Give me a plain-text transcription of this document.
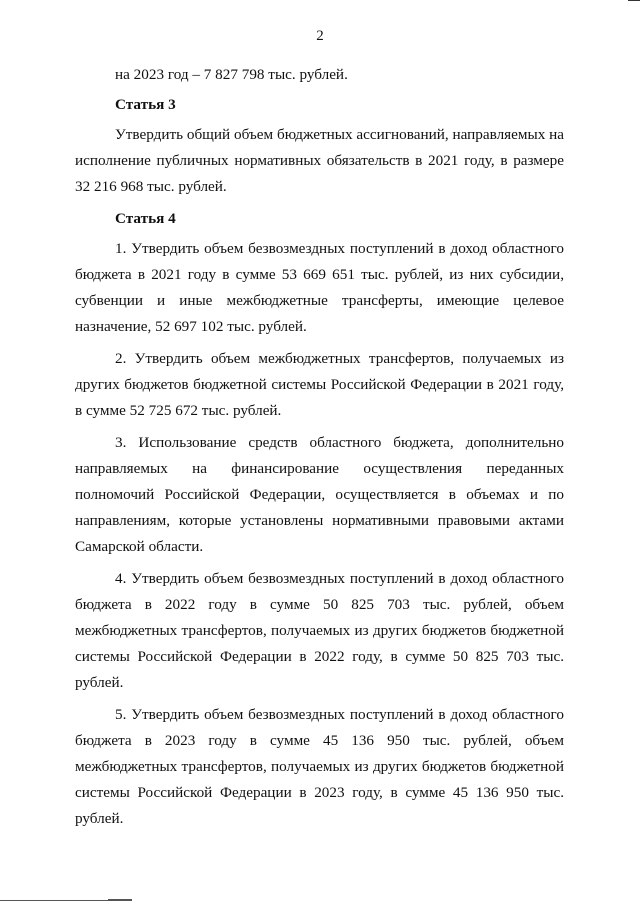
2

на 2023 год – 7 827 798 тыс. рублей.

Статья 3

Утвердить общий объем бюджетных ассигнований, направляемых на исполнение публичных нормативных обязательств в 2021 году, в размере 32 216 968 тыс. рублей.

Статья 4

1. Утвердить объем безвозмездных поступлений в доход областного бюджета в 2021 году в сумме 53 669 651 тыс. рублей, из них субсидии, субвенции и иные межбюджетные трансферты, имеющие целевое назначение, 52 697 102 тыс. рублей.

2. Утвердить объем межбюджетных трансфертов, получаемых из других бюджетов бюджетной системы Российской Федерации в 2021 году, в сумме 52 725 672 тыс. рублей.

3. Использование средств областного бюджета, дополнительно направляемых на финансирование осуществления переданных полномочий Российской Федерации, осуществляется в объемах и по направлениям, которые установлены нормативными правовыми актами Самарской области.

4. Утвердить объем безвозмездных поступлений в доход областного бюджета в 2022 году в сумме 50 825 703 тыс. рублей, объем межбюджетных трансфертов, получаемых из других бюджетов бюджетной системы Российской Федерации в 2022 году, в сумме 50 825 703 тыс. рублей.

5. Утвердить объем безвозмездных поступлений в доход областного бюджета в 2023 году в сумме 45 136 950 тыс. рублей, объем межбюджетных трансфертов, получаемых из других бюджетов бюджетной системы Российской Федерации в 2023 году, в сумме 45 136 950 тыс. рублей.
